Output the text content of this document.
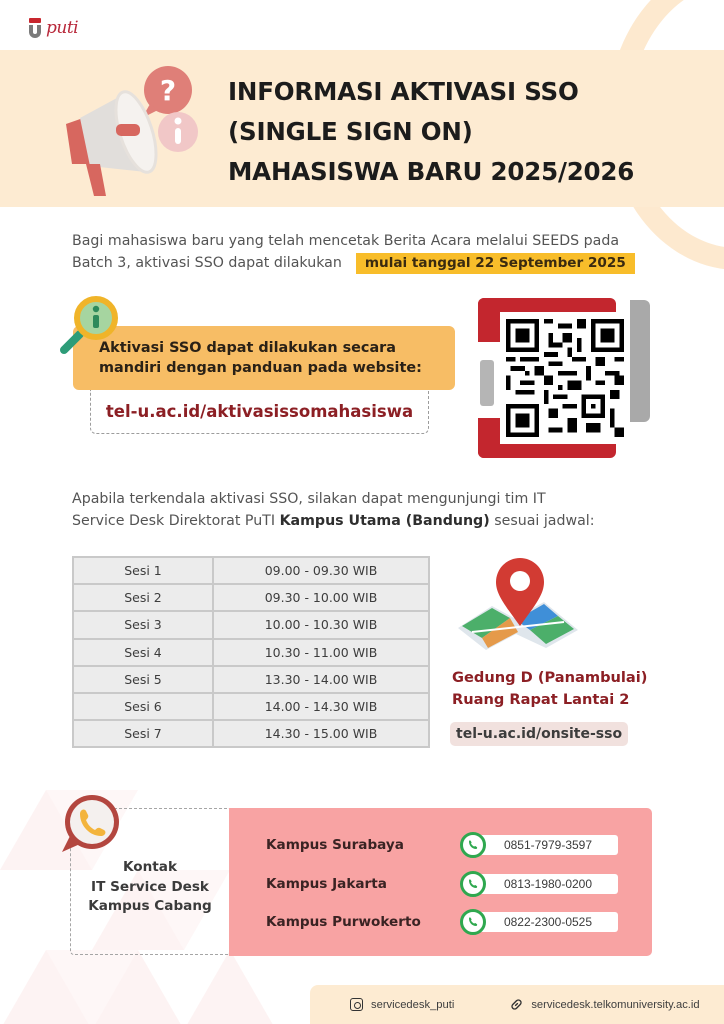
puti
? INFORMASI AKTIVASI SSO
(SINGLE SIGN ON)
MAHASISWA BARU 2025/2026
Bagi mahasiswa baru yang telah mencetak Berita Acara melalui SEEDS pada
Batch 3, aktivasi SSO dapat dilakukan mulai tanggal 22 September 2025
Aktivasi SSO dapat dilakukan secara
mandiri dengan panduan pada website:
tel-u.ac.id/aktivasissomahasiswa
Apabila terkendala aktivasi SSO, silakan dapat mengunjungi tim IT
Service Desk Direktorat PuTI Kampus Utama (Bandung) sesuai jadwal:
Sesi 1	09.00 - 09.30 WIB
Sesi 2	09.30 - 10.00 WIB
Sesi 3	10.00 - 10.30 WIB
Sesi 4	10.30 - 11.00 WIB
Sesi 5	13.30 - 14.00 WIB
Sesi 6	14.00 - 14.30 WIB
Sesi 7	14.30 - 15.00 WIB
Gedung D (Panambulai)
Ruang Rapat Lantai 2
tel-u.ac.id/onsite-sso
Kontak
IT Service Desk
Kampus Cabang
Kampus Surabaya	0851-7979-3597
Kampus Jakarta	0813-1980-0200
Kampus Purwokerto	0822-2300-0525
servicedesk_puti	servicedesk.telkomuniversity.ac.id
